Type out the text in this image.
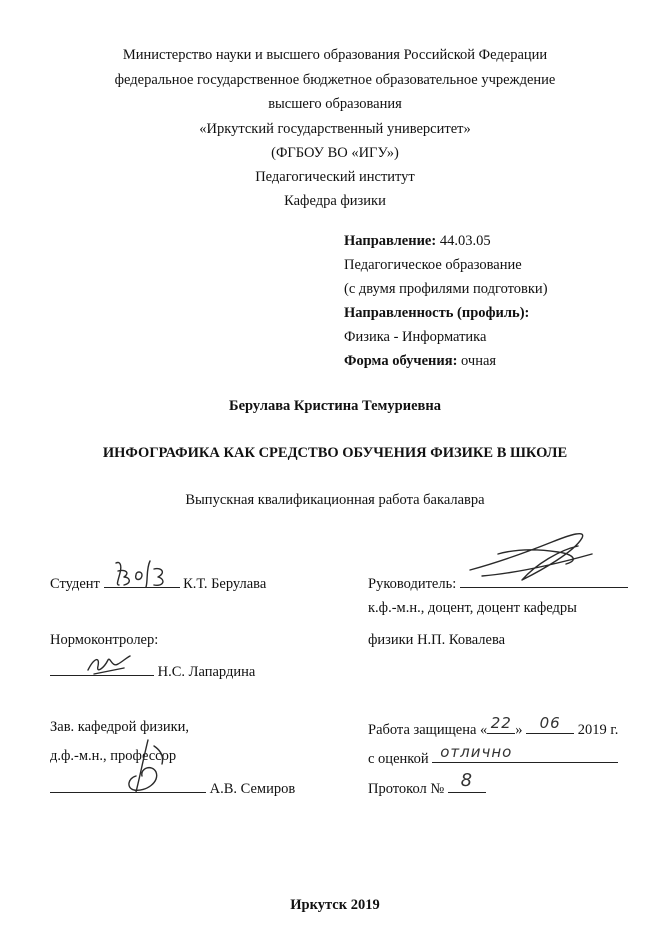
Министерство науки и высшего образования Российской Федерации
федеральное государственное бюджетное образовательное учреждение
высшего образования
«Иркутский государственный университет»
(ФГБОУ ВО «ИГУ»)
Педагогический институт
Кафедра физики
Направление: 44.03.05
Педагогическое образование
(с двумя профилями подготовки)
Направленность (профиль):
Физика - Информатика
Форма обучения: очная
Берулава Кристина Темуриевна
ИНФОГРАФИКА КАК СРЕДСТВО ОБУЧЕНИЯ ФИЗИКЕ В ШКОЛЕ
Выпускная квалификационная работа бакалавра
Студент	К.Т. Берулава	Руководитель:
к.ф.-м.н., доцент, доцент кафедры
физики Н.П. Ковалева
Нормоконтролер:
Н.С. Лапардина
Зав. кафедрой физики,
д.ф.-м.н., профессор
А.В. Семиров
Работа защищена « 22 »	06	2019 г.
с оценкой отлично
Протокол № 8
Иркутск 2019
